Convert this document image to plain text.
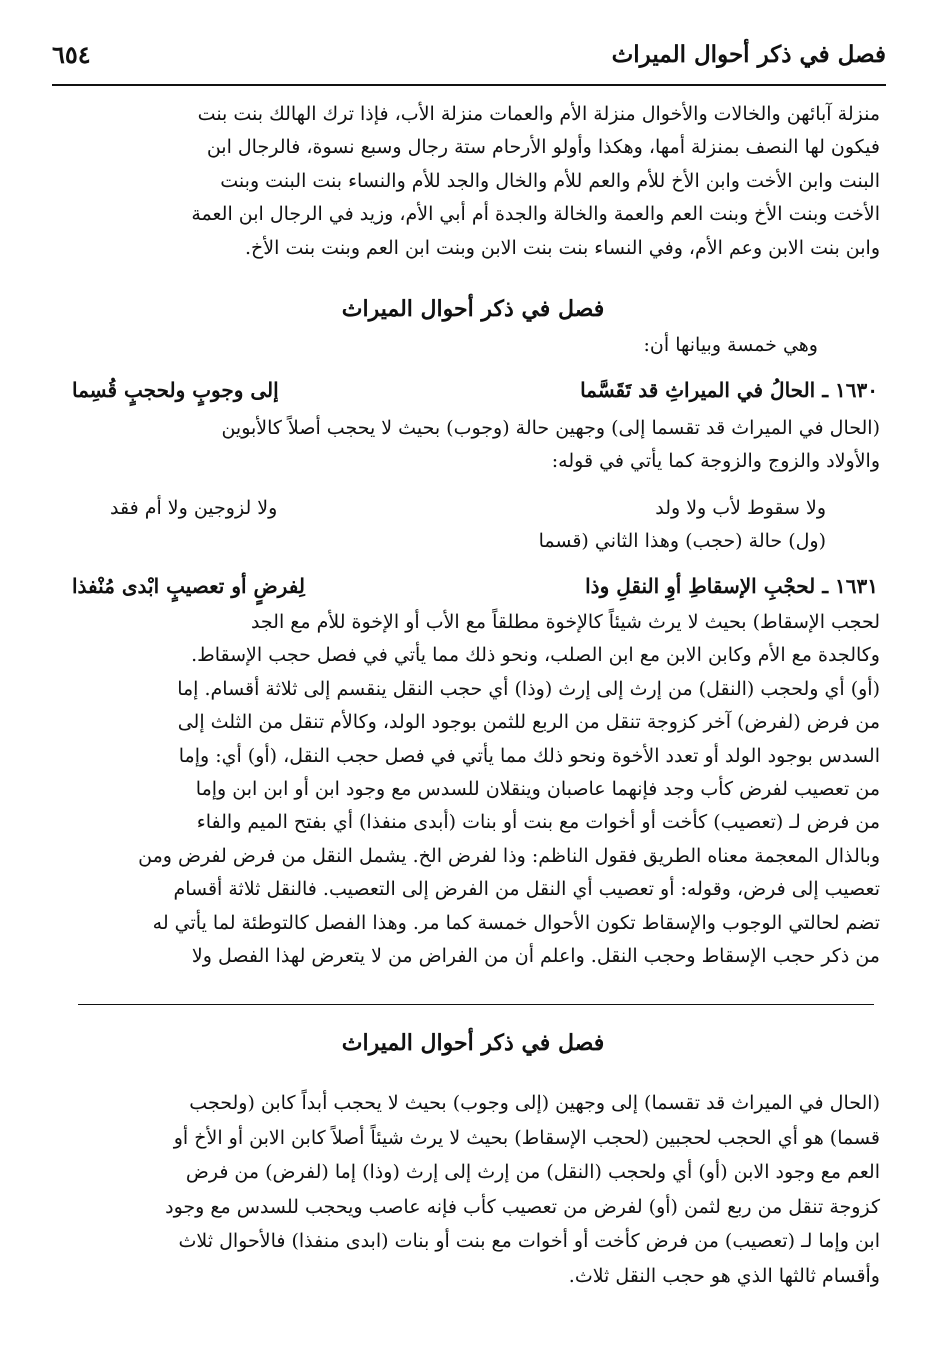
فصل في ذكر أحوال الميراث
٦٥٤

منزلة آبائهن والخالات والأخوال منزلة الأم والعمات منزلة الأب، فإذا ترك الهالك بنت بنت

فيكون لها النصف بمنزلة أمها، وهكذا وأولو الأرحام ستة رجال وسبع نسوة، فالرجال ابن

البنت وابن الأخت وابن الأخ للأم والعم للأم والخال والجد للأم والنساء بنت البنت وبنت

الأخت وبنت الأخ وبنت العم والعمة والخالة والجدة أم أبي الأم، وزيد في الرجال ابن العمة

وابن بنت الابن وعم الأم، وفي النساء بنت بنت الابن وبنت ابن العم وبنت بنت الأخ.

فصل في ذكر أحوال الميراث
وهي خمسة وبيانها أن:
١٦٣٠ ـ الحالُ في الميراثِ قد تَقَسَّما
إلى وجوبٍ ولحجبٍ قُسِما

(الحال في الميراث قد تقسما إلى) وجهين حالة (وجوب) بحيث لا يحجب أصلاً كالأبوين

والأولاد والزوج والزوجة كما يأتي في قوله:

ولا سقوط لأب ولا ولد
ولا لزوجين ولا أم فقد

(ول) حالة (حجب) وهذا الثاني (قسما

١٦٣١ ـ لحجْبِ الإسقاطِ أوِ النقلِ وذا
لِفرضٍ أو تعصيبٍ ابْدى مُنْفذا

لحجب الإسقاط) بحيث لا يرث شيئاً كالإخوة مطلقاً مع الأب أو الإخوة للأم مع الجد

وكالجدة مع الأم وكابن الابن مع ابن الصلب، ونحو ذلك مما يأتي في فصل حجب الإسقاط.

(أو) أي ولحجب (النقل) من إرث إلى إرث (وذا) أي حجب النقل ينقسم إلى ثلاثة أقسام. إما

من فرض (لفرض) آخر كزوجة تنقل من الربع للثمن بوجود الولد، وكالأم تنقل من الثلث إلى

السدس بوجود الولد أو تعدد الأخوة ونحو ذلك مما يأتي في فصل حجب النقل، (أو) أي: وإما

من تعصيب لفرض كأب وجد فإنهما عاصبان وينقلان للسدس مع وجود ابن أو ابن ابن وإما

من فرض لـ (تعصيب) كأخت أو أخوات مع بنت أو بنات (أبدى منفذا) أي بفتح الميم والفاء

وبالذال المعجمة معناه الطريق فقول الناظم: وذا لفرض الخ. يشمل النقل من فرض لفرض ومن

تعصيب إلى فرض، وقوله: أو تعصيب أي النقل من الفرض إلى التعصيب. فالنقل ثلاثة أقسام

تضم لحالتي الوجوب والإسقاط تكون الأحوال خمسة كما مر. وهذا الفصل كالتوطئة لما يأتي له

من ذكر حجب الإسقاط وحجب النقل. واعلم أن من الفراض من لا يتعرض لهذا الفصل ولا

فصل في ذكر أحوال الميراث

(الحال في الميراث قد تقسما) إلى وجهين (إلى وجوب) بحيث لا يحجب أبداً كابن (ولحجب

قسما) هو أي الحجب لحجبين (لحجب الإسقاط) بحيث لا يرث شيئاً أصلاً كابن الابن أو الأخ أو

العم مع وجود الابن (أو) أي ولحجب (النقل) من إرث إلى إرث (وذا) إما (لفرض) من فرض

كزوجة تنقل من ربع لثمن (أو) لفرض من تعصيب كأب فإنه عاصب ويحجب للسدس مع وجود

ابن وإما لـ (تعصيب) من فرض كأخت أو أخوات مع بنت أو بنات (ابدى منفذا) فالأحوال ثلاث

وأقسام ثالثها الذي هو حجب النقل ثلاث.
